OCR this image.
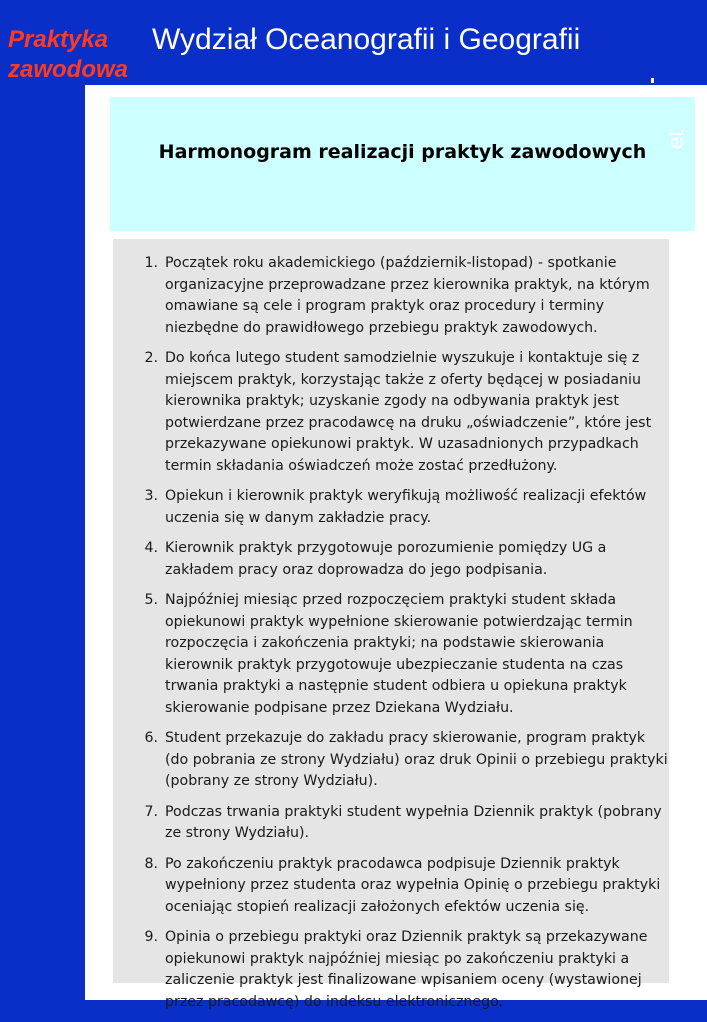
Praktyka
zawodowa
Wydział Oceanografii i Geografii
Harmonogram realizacji praktyk zawodowych
et
1. Początek roku akademickiego (październik-listopad) - spotkanie organizacyjne przeprowadzane przez kierownika praktyk, na którym omawiane są cele i program praktyk oraz procedury i terminy niezbędne do prawidłowego przebiegu praktyk zawodowych.
2. Do końca lutego student samodzielnie wyszukuje i kontaktuje się z miejscem praktyk, korzystając także z oferty będącej w posiadaniu kierownika praktyk; uzyskanie zgody na odbywania praktyk jest potwierdzane przez pracodawcę na druku „oświadczenie”, które jest przekazywane opiekunowi praktyk. W uzasadnionych przypadkach termin składania oświadczeń może zostać przedłużony.
3. Opiekun i kierownik praktyk weryfikują możliwość realizacji efektów uczenia się w danym zakładzie pracy.
4. Kierownik praktyk przygotowuje porozumienie pomiędzy UG a zakładem pracy oraz doprowadza do jego podpisania.
5. Najpóźniej miesiąc przed rozpoczęciem praktyki student składa opiekunowi praktyk wypełnione skierowanie potwierdzając termin rozpoczęcia i zakończenia praktyki; na podstawie skierowania kierownik praktyk przygotowuje ubezpieczanie studenta na czas trwania praktyki a następnie student odbiera u opiekuna praktyk skierowanie podpisane przez Dziekana Wydziału.
6. Student przekazuje do zakładu pracy skierowanie, program praktyk (do pobrania ze strony Wydziału) oraz druk Opinii o przebiegu praktyki (pobrany ze strony Wydziału).
7. Podczas trwania praktyki student wypełnia Dziennik praktyk (pobrany ze strony Wydziału).
8. Po zakończeniu praktyk pracodawca podpisuje Dziennik praktyk wypełniony przez studenta oraz wypełnia Opinię o przebiegu praktyki oceniając stopień realizacji założonych efektów uczenia się.
9. Opinia o przebiegu praktyki oraz Dziennik praktyk są przekazywane opiekunowi praktyk najpóźniej miesiąc po zakończeniu praktyki a zaliczenie praktyk jest finalizowane wpisaniem oceny (wystawionej przez pracodawcę) do indeksu elektronicznego.
